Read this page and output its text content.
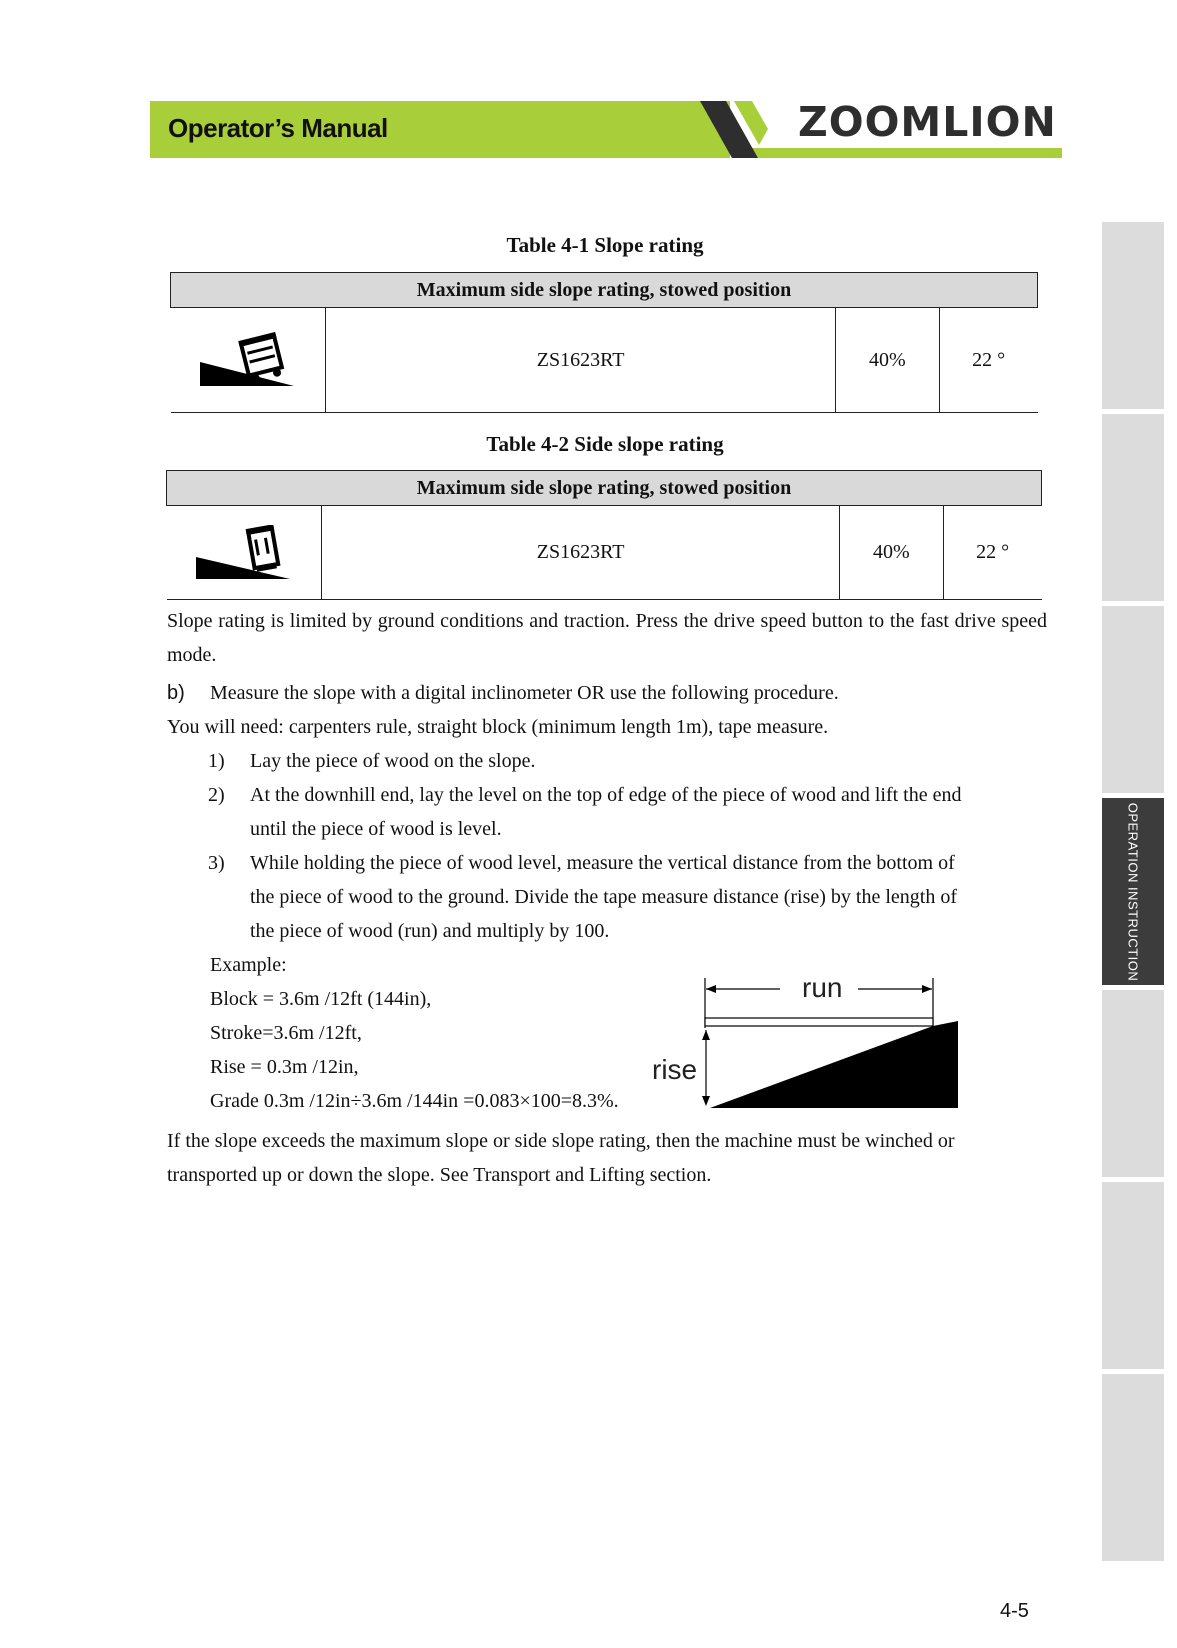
Operator’s Manual	ZOOMLION
OPERATION INSTRUCTION
Table 4-1 Slope rating
Maximum side slope rating, stowed position

	ZS1623RT	40%	22 °
Table 4-2 Side slope rating
Maximum side slope rating, stowed position

	ZS1623RT	40%	22 °
Slope rating is limited by ground conditions and traction. Press the drive speed button to the fast drive speed mode.
b) Measure the slope with a digital inclinometer OR use the following procedure.
You will need: carpenters rule, straight block (minimum length 1m), tape measure.
1) Lay the piece of wood on the slope.
2) At the downhill end, lay the level on the top of edge of the piece of wood and lift the end
until the piece of wood is level.
3) While holding the piece of wood level, measure the vertical distance from the bottom of
the piece of wood to the ground. Divide the tape measure distance (rise) by the length of
the piece of wood (run) and multiply by 100.
Example:
Block = 3.6m /12ft (144in),
Stroke=3.6m /12ft,
Rise = 0.3m /12in,
Grade 0.3m /12in÷3.6m /144in =0.083×100=8.3%.
run
rise
If the slope exceeds the maximum slope or side slope rating, then the machine must be winched or transported up or down the slope. See Transport and Lifting section.
4-5
